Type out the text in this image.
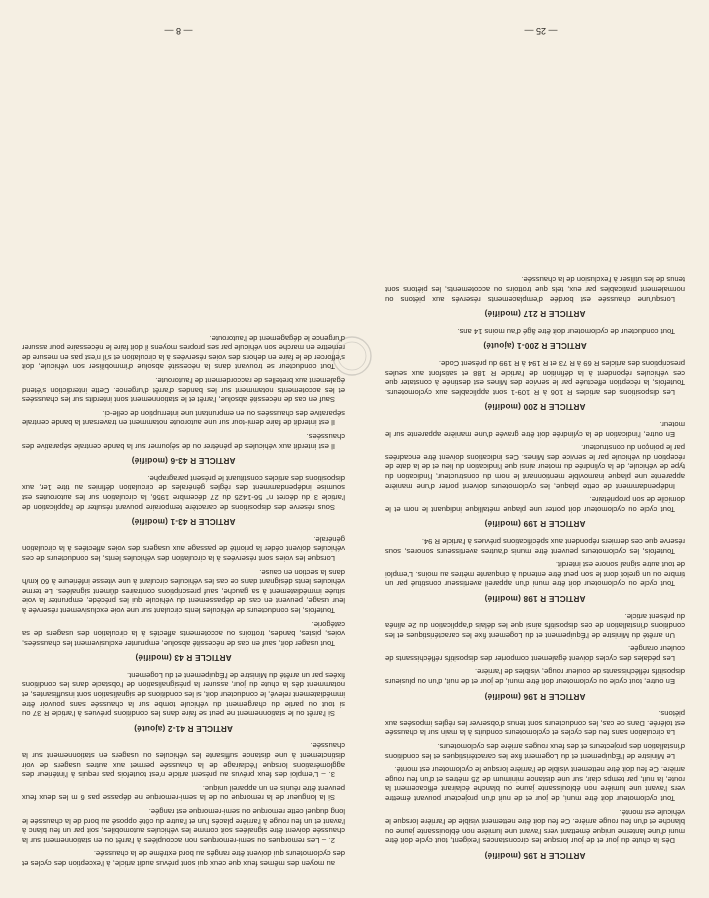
ARTICLE R 195 (modifié)

Dès la chute du jour et de jour lorsque les circonstances l'exigent, tout cycle doit être muni d'une lanterne unique émettant vers l'avant une lumière non éblouissante jaune ou blanche et d'un feu rouge arrière. Ce feu doit être nettement visible de l'arrière lorsque le véhicule est monté.

Tout cyclomoteur doit être muni, de jour et de nuit d'un projecteur pouvant émettre vers l'avant une lumière non éblouissante jaune ou blanche éclairant efficacement la route, la nuit, par temps clair, sur une distance minimum de 25 mètres et d'un feu rouge arrière. Ce feu doit être nettement visible de l'arrière lorsque le cyclomoteur est monté.

Le Ministre de l'Équipement et du Logement fixe les caractéristiques et les conditions d'installation des projecteurs et des feux rouges arrière des cyclomoteurs.

La circulation sans feu des cycles et cyclomoteurs conduits à la main sur la chaussée est tolérée. Dans ce cas, les conducteurs sont tenus d'observer les règles imposées aux piétons.

ARTICLE R 196 (modifié)

En outre, tout cycle ou cyclomoteur doit être muni, de jour et de nuit, d'un ou plusieurs dispositifs réfléchissants de couleur rouge, visibles de l'arrière.

Les pédales des cycles doivent également comporter des dispositifs réfléchissants de couleur orangée.

Un arrêté du Ministre de l'Équipement et du Logement fixe les caractéristiques et les conditions d'installation de ces dispositifs ainsi que les délais d'application du 2e alinéa du présent article.

ARTICLE R 198 (modifié)

Tout cycle ou cyclomoteur doit être muni d'un appareil avertisseur constitué par un timbre ou un grelot dont le son peut être entendu à cinquante mètres au moins. L'emploi de tout autre signal sonore est interdit.

Toutefois, les cyclomoteurs peuvent être munis d'autres avertisseurs sonores, sous réserve que ces derniers répondent aux spécifications prévues à l'article R 94.

ARTICLE R 199 (modifié)

Tout cycle ou cyclomoteur doit porter une plaque métallique indiquant le nom et le domicile de son propriétaire.

Indépendamment de cette plaque, les cyclomoteurs doivent porter d'une manière apparente une plaque inamovible mentionnant le nom du constructeur, l'indication du type de véhicule, de la cylindrée du moteur ainsi que l'indication du lieu et de la date de réception du véhicule par le service des Mines. Ces indications doivent être encadrées par le poinçon du constructeur.

En outre, l'indication de la cylindrée doit être gravée d'une manière apparente sur le moteur.

ARTICLE R 200 (modifié)

Les dispositions des articles R 106 à R 109-1 sont applicables aux cyclomoteurs. Toutefois, la réception effectuée par le service des Mines est destinée à constater que ces véhicules répondent à la définition de l'article R 188 et satisfont aux seules prescriptions des articles R 69 à R 73 et R 194 à R 199 du présent Code.

ARTICLE R 200-1 (ajouté)

Tout conducteur de cyclomoteur doit être âgé d'au moins 14 ans.

ARTICLE R 217 (modifié)

Lorsqu'une chaussée est bordée d'emplacements réservés aux piétons ou normalement praticables par eux, tels que trottoirs ou accotements, les piétons sont tenus de les utiliser à l'exclusion de la chaussée.

— 25 —

au moyen des mêmes feux que ceux qui sont prévus audit article, à l'exception des cycles et des cyclomoteurs qui doivent être rangés au bord extrême de la chaussée.

2. – Les remorques ou semi-remorques non accouplées à l'arrêt ou en stationnement sur la chaussée doivent être signalées soit comme les véhicules automobiles, soit par un feu blanc à l'avant et un feu rouge à l'arrière placés l'un et l'autre du côté opposé au bord de la chaussée le long duquel cette remorque ou semi-remorque est rangée.

Si la longueur de la remorque ou de la semi-remorque ne dépasse pas 6 m les deux feux peuvent être réunis en un appareil unique.

3. – L'emploi des feux prévus au présent article n'est toutefois pas requis à l'intérieur des agglomérations lorsque l'éclairage de la chaussée permet aux autres usagers de voir distinctement à une distance suffisante les véhicules ou usagers en stationnement sur la chaussée.

ARTICLE R 41-2 (ajouté)

Si l'arrêt ou le stationnement ne peut se faire dans les conditions prévues à l'article R 37 ou si tout ou partie du chargement du véhicule tombe sur la chaussée sans pouvoir être immédiatement relevé, le conducteur doit, si les conditions de signalisation sont insuffisantes, et notamment dès la chute du jour, assurer la présignalisation de l'obstacle dans les conditions fixées par un arrêté du Ministre de l'Équipement et du Logement.

ARTICLE R 43 (modifié)

Tout usager doit, sauf en cas de nécessité absolue, emprunter exclusivement les chaussées, voies, pistes, bandes, trottoirs ou accotements affectés à la circulation des usagers de sa catégorie.

Toutefois, les conducteurs de véhicules lents circulant sur une voie exclusivement réservée à leur usage, peuvent en cas de dépassement du véhicule qui les précède, emprunter la voie située immédiatement à sa gauche, sauf prescriptions contraires dûment signalées. Le terme véhicules lents désignant dans ce cas les véhicules circulant à une vitesse inférieure à 60 km/h dans la section en cause.

Lorsque les voies sont réservées à la circulation des véhicules lents, les conducteurs de ces véhicules doivent céder la priorité de passage aux usagers des voies affectées à la circulation générale.

ARTICLE R 43-1 (modifié)

Sous réserve des dispositions de caractère temporaire pouvant résulter de l'application de l'article 3 du décret n° 56-1425 du 27 décembre 1956, la circulation sur les autoroutes est soumise indépendamment des règles générales de circulation définies au titre 1er, aux dispositions des articles constituant le présent paragraphe.

ARTICLE R 43-6 (modifié)

Il est interdit aux véhicules de pénétrer ou de séjourner sur la bande centrale séparative des chaussées.

Il est interdit de faire demi-tour sur une autoroute notamment en traversant la bande centrale séparative des chaussées ou en empruntant une interruption de celle-ci.

Sauf en cas de nécessité absolue, l'arrêt et le stationnement sont interdits sur les chaussées et les accotements notamment sur les bandes d'arrêt d'urgence. Cette interdiction s'étend également aux bretelles de raccordement de l'autoroute.

Tout conducteur se trouvant dans la nécessité absolue d'immobiliser son véhicule, doit s'efforcer de le faire en dehors des voies réservées à la circulation et s'il n'est pas en mesure de remettre en marche son véhicule par ses propres moyens il doit faire le nécessaire pour assurer d'urgence le dégagement de l'autoroute.

— 8 —
